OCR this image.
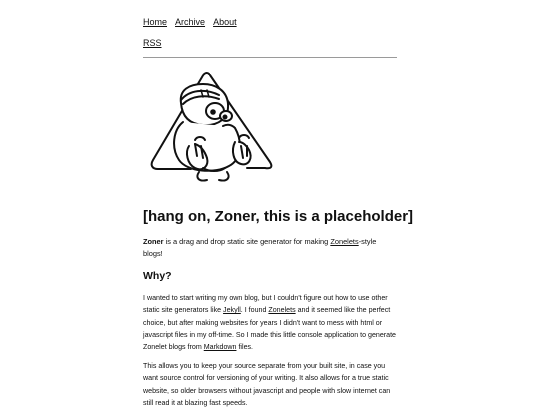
Home Archive About
RSS
[hang on, Zoner, this is a placeholder]

Zoner is a drag and drop static site generator for making Zonelets-style blogs!

Why?

I wanted to start writing my own blog, but I couldn't figure out how to use other static site generators like Jekyll. I found Zonelets and it seemed like the perfect choice, but after making websites for years I didn't want to mess with html or javascript files in my off-time. So I made this little console application to generate Zonelet blogs from Markdown files.

This allows you to keep your source separate from your built site, in case you want source control for versioning of your writing. It also allows for a true static website, so older browsers without javascript and people with slow internet can still read it at blazing fast speeds.
